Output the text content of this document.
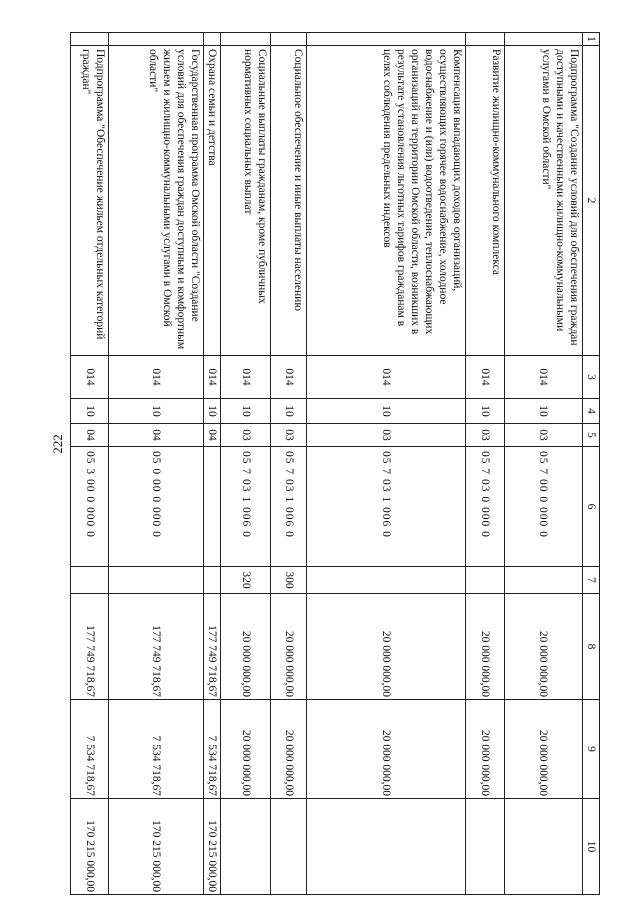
222
1	2	3	4	5	6	7	8	9	10
	Подпрограмма "Создание условий для обеспечения граждан доступными и качественными жилищно-коммунальными услугами в Омской области"	014	10	03	05 7 00 0 000 0		20 000 000,00	20 000 000,00	
	Развитие жилищно-коммунального комплекса	014	10	03	05 7 03 0 000 0		20 000 000,00	20 000 000,00	
	Компенсация выпадающих доходов организаций, осуществляющих горячее водоснабжение, холодное водоснабжение и (или) водоотведение, теплоснабжающих организаций на территории Омской области, возникших в результате установления льготных тарифов гражданам в целях соблюдения предельных индексов	014	10	03	05 7 03 1 006 0		20 000 000,00	20 000 000,00	
	Социальное обеспечение и иные выплаты населению	014	10	03	05 7 03 1 006 0	300	20 000 000,00	20 000 000,00	
	Социальные выплаты гражданам, кроме публичных нормативных социальных выплат	014	10	03	05 7 03 1 006 0	320	20 000 000,00	20 000 000,00	
	Охрана семьи и детства	014	10	04			177 749 718,67	7 534 718,67	170 215 000,00
	Государственная программа Омской области "Создание условий для обеспечения граждан доступным и комфортным жильем и жилищно-коммунальными услугами в Омской области"	014	10	04	05 0 00 0 000 0		177 749 718,67	7 534 718,67	170 215 000,00
	Подпрограмма "Обеспечение жильем отдельных категорий граждан"	014	10	04	05 3 00 0 000 0		177 749 718,67	7 534 718,67	170 215 000,00
